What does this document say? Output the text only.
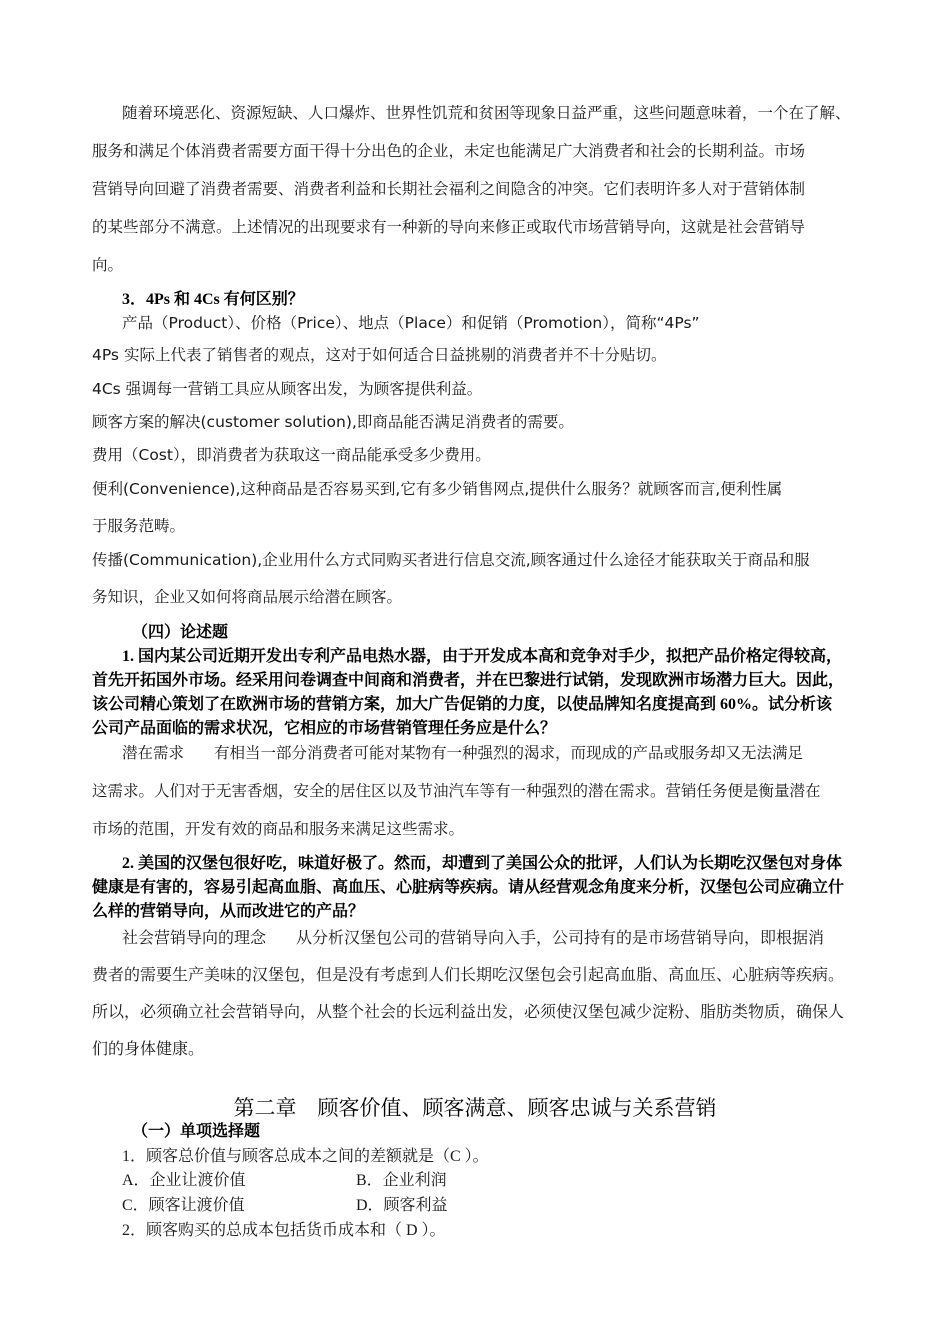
随着环境恶化、资源短缺、人口爆炸、世界性饥荒和贫困等现象日益严重，这些问题意味着，一个在了解、
服务和满足个体消费者需要方面干得十分出色的企业，未定也能满足广大消费者和社会的长期利益。市场
营销导向回避了消费者需要、消费者利益和长期社会福利之间隐含的冲突。它们表明许多人对于营销体制
的某些部分不满意。上述情况的出现要求有一种新的导向来修正或取代市场营销导向，这就是社会营销导
向。
3．4Ps 和 4Cs 有何区别？
产品（Product）、价格（Price）、地点（Place）和促销（Promotion），简称“4Ps”
4Ps 实际上代表了销售者的观点，这对于如何适合日益挑剔的消费者并不十分贴切。
4Cs 强调每一营销工具应从顾客出发，为顾客提供利益。
顾客方案的解决(customer solution),即商品能否满足消费者的需要。
费用（Cost），即消费者为获取这一商品能承受多少费用。
便利(Convenience),这种商品是否容易买到,它有多少销售网点,提供什么服务？就顾客而言,便利性属
于服务范畴。
传播(Communication),企业用什么方式同购买者进行信息交流,顾客通过什么途径才能获取关于商品和服
务知识，企业又如何将商品展示给潜在顾客。
（四）论述题
1. 国内某公司近期开发出专利产品电热水器，由于开发成本高和竞争对手少，拟把产品价格定得较高，
首先开拓国外市场。经采用问卷调查中间商和消费者，并在巴黎进行试销，发现欧洲市场潜力巨大。因此，
该公司精心策划了在欧洲市场的营销方案，加大广告促销的力度，以使品牌知名度提高到 60%。试分析该
公司产品面临的需求状况，它相应的市场营销管理任务应是什么？
潜在需求 有相当一部分消费者可能对某物有一种强烈的渴求，而现成的产品或服务却又无法满足
这需求。人们对于无害香烟，安全的居住区以及节油汽车等有一种强烈的潜在需求。营销任务便是衡量潜在
市场的范围，开发有效的商品和服务来满足这些需求。
2. 美国的汉堡包很好吃，味道好极了。然而，却遭到了美国公众的批评，人们认为长期吃汉堡包对身体
健康是有害的，容易引起高血脂、高血压、心脏病等疾病。请从经营观念角度来分析，汉堡包公司应确立什
么样的营销导向，从而改进它的产品？
社会营销导向的理念 从分析汉堡包公司的营销导向入手，公司持有的是市场营销导向，即根据消
费者的需要生产美味的汉堡包，但是没有考虑到人们长期吃汉堡包会引起高血脂、高血压、心脏病等疾病。
所以，必须确立社会营销导向，从整个社会的长远利益出发，必须使汉堡包减少淀粉、脂肪类物质，确保人
们的身体健康。
第二章　顾客价值、顾客满意、顾客忠诚与关系营销
（一）单项选择题
1．顾客总价值与顾客总成本之间的差额就是（C ）。
A．企业让渡价值	B．企业利润
C．顾客让渡价值	D．顾客利益
2．顾客购买的总成本包括货币成本和（ D ）。
